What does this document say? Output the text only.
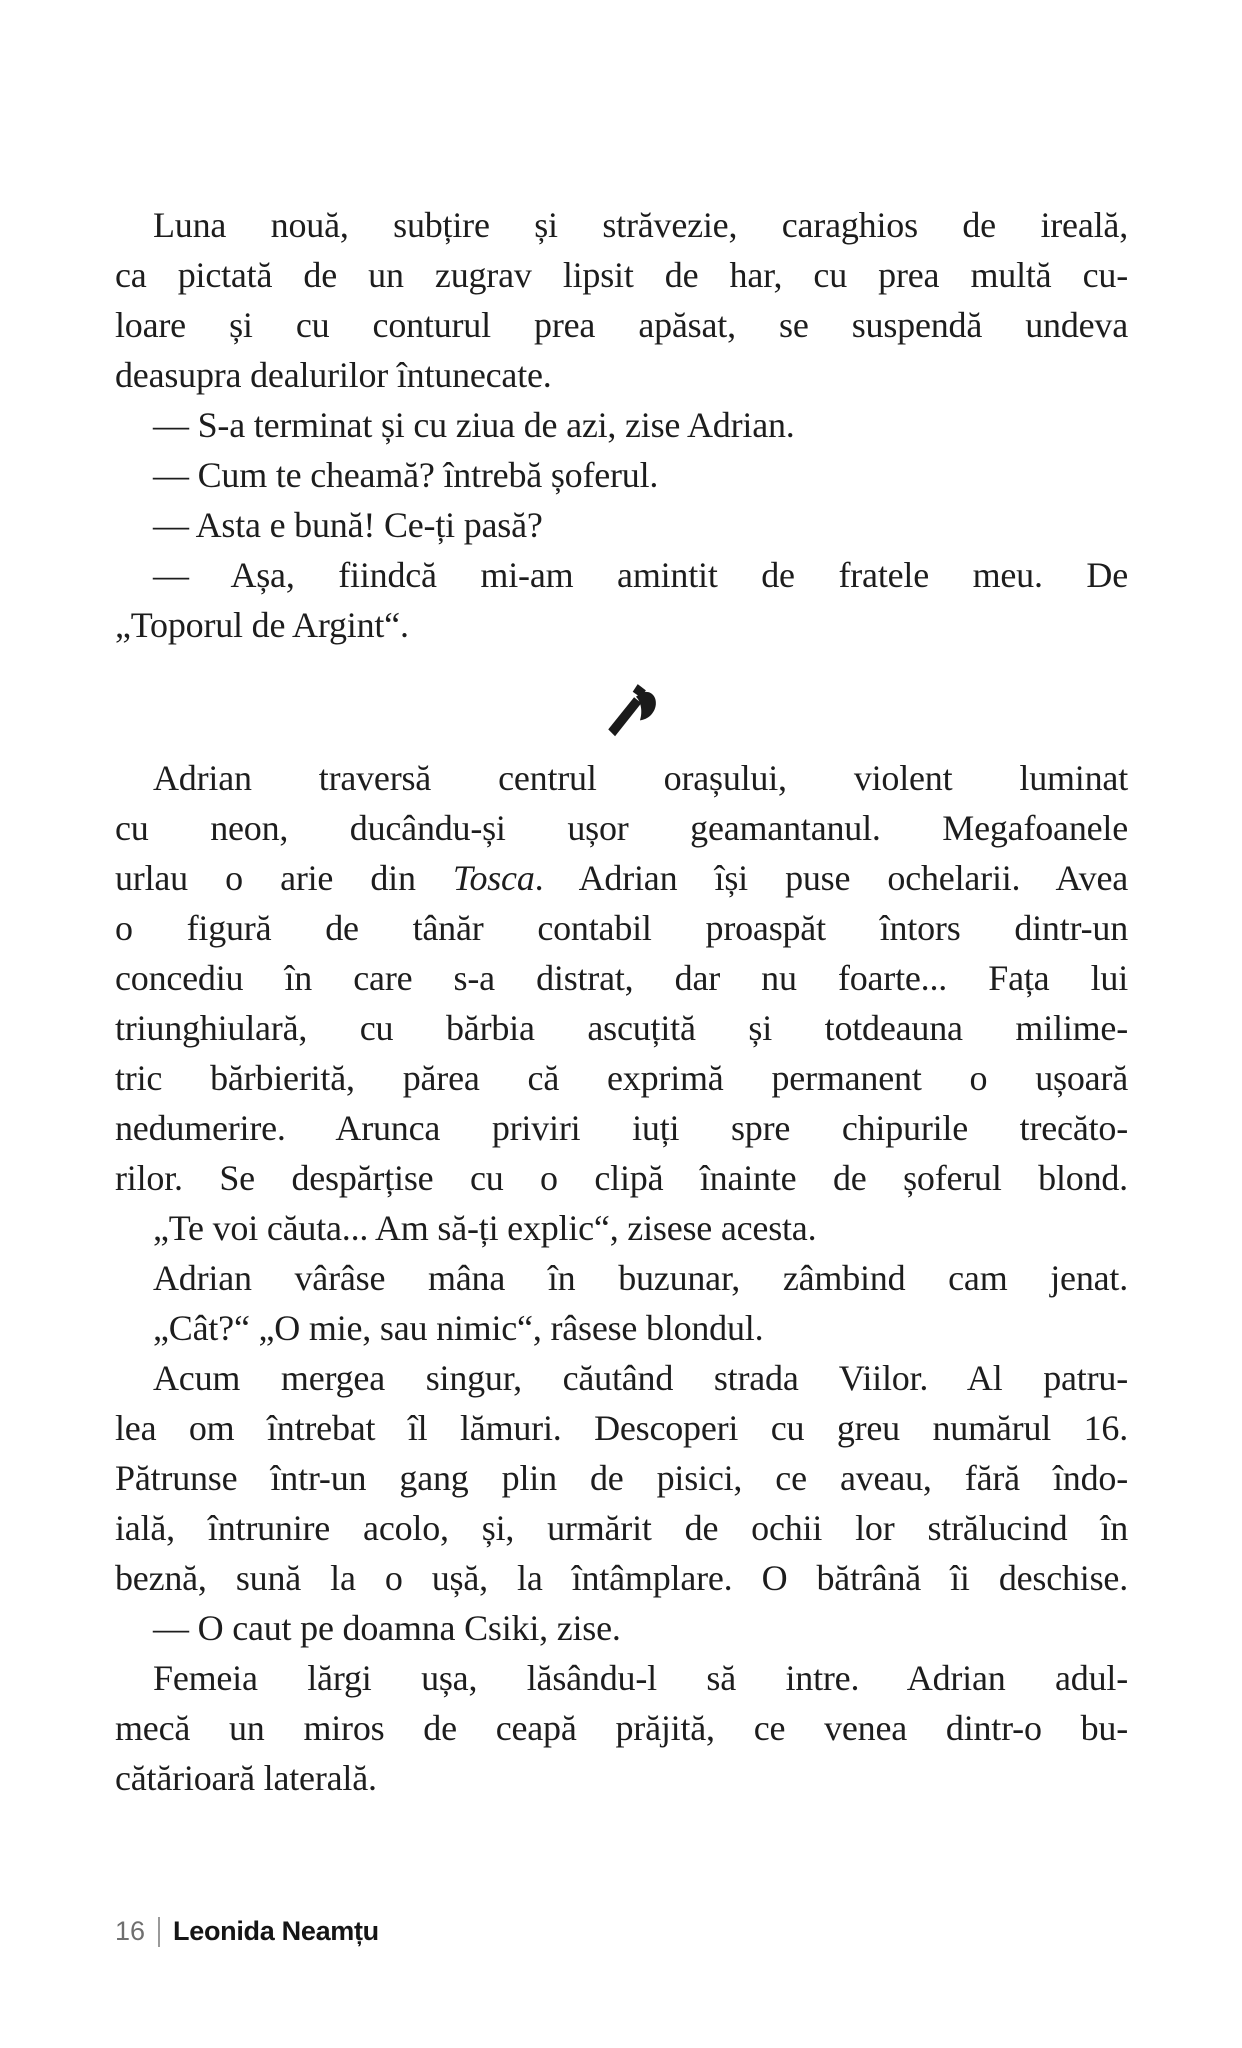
Luna nouă, subțire și străvezie, caraghios de ireală,
ca pictată de un zugrav lipsit de har, cu prea multă cu-
loare și cu conturul prea apăsat, se suspendă undeva
deasupra dealurilor întunecate.
— S-a terminat și cu ziua de azi, zise Adrian.
— Cum te cheamă? întrebă șoferul.
— Asta e bună! Ce-ți pasă?
— Așa, fiindcă mi-am amintit de fratele meu. De
„Toporul de Argint“.
Adrian traversă centrul orașului, violent luminat
cu neon, ducându-și ușor geamantanul. Megafoanele
urlau o arie din Tosca. Adrian își puse ochelarii. Avea
o figură de tânăr contabil proaspăt întors dintr-un
concediu în care s-a distrat, dar nu foarte... Fața lui
triunghiulară, cu bărbia ascuțită și totdeauna milime-
tric bărbierită, părea că exprimă permanent o ușoară
nedumerire. Arunca priviri iuți spre chipurile trecăto-
rilor. Se despărțise cu o clipă înainte de șoferul blond.
„Te voi căuta... Am să-ți explic“, zisese acesta.
Adrian vârâse mâna în buzunar, zâmbind cam jenat.
„Cât?“ „O mie, sau nimic“, râsese blondul.
Acum mergea singur, căutând strada Viilor. Al patru-
lea om întrebat îl lămuri. Descoperi cu greu numărul 16.
Pătrunse într-un gang plin de pisici, ce aveau, fără îndo-
ială, întrunire acolo, și, urmărit de ochii lor strălucind în
beznă, sună la o ușă, la întâmplare. O bătrână îi deschise.
— O caut pe doamna Csiki, zise.
Femeia lărgi ușa, lăsându-l să intre. Adrian adul-
mecă un miros de ceapă prăjită, ce venea dintr-o bu-
cătărioară laterală.
16 Leonida Neamțu
